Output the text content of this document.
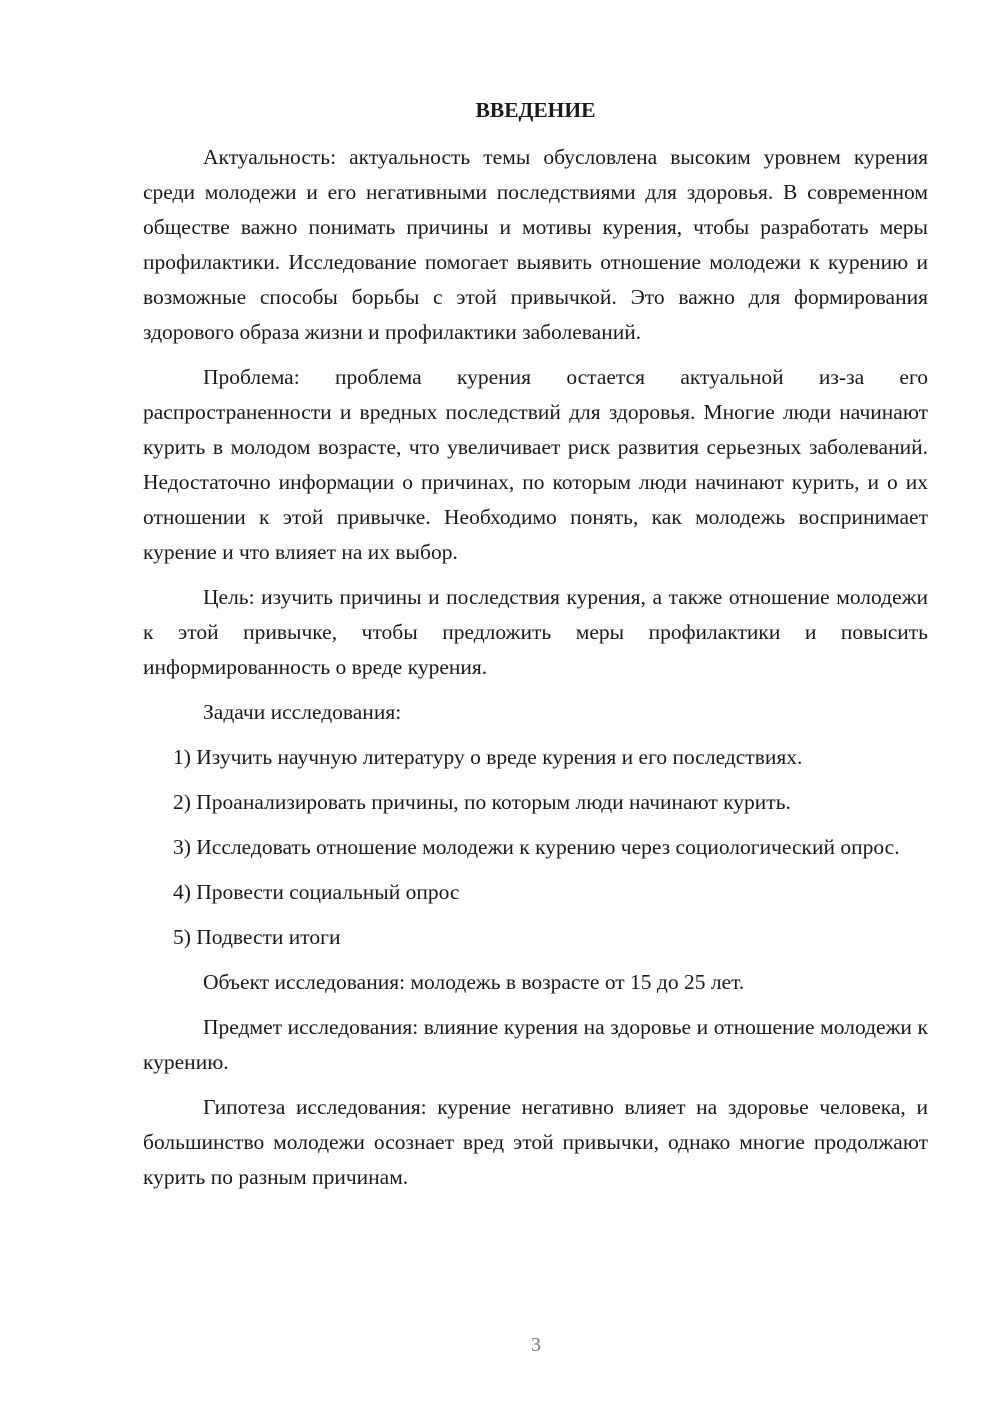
ВВЕДЕНИЕ

Актуальность: актуальность темы обусловлена высоким уровнем курения среди молодежи и его негативными последствиями для здоровья. В современном обществе важно понимать причины и мотивы курения, чтобы разработать меры профилактики. Исследование помогает выявить отношение молодежи к курению и возможные способы борьбы с этой привычкой. Это важно для формирования здорового образа жизни и профилактики заболеваний.

Проблема: проблема курения остается актуальной из-за его распространенности и вредных последствий для здоровья. Многие люди начинают курить в молодом возрасте, что увеличивает риск развития серьезных заболеваний. Недостаточно информации о причинах, по которым люди начинают курить, и о их отношении к этой привычке. Необходимо понять, как молодежь воспринимает курение и что влияет на их выбор.

Цель: изучить причины и последствия курения, а также отношение молодежи к этой привычке, чтобы предложить меры профилактики и повысить информированность о вреде курения.

Задачи исследования:

1) Изучить научную литературу о вреде курения и его последствиях.

2) Проанализировать причины, по которым люди начинают курить.

3) Исследовать отношение молодежи к курению через социологический опрос.

4) Провести социальный опрос

5) Подвести итоги

Объект исследования: молодежь в возрасте от 15 до 25 лет.

Предмет исследования: влияние курения на здоровье и отношение молодежи к курению.

Гипотеза исследования: курение негативно влияет на здоровье человека, и большинство молодежи осознает вред этой привычки, однако многие продолжают курить по разным причинам.

3
